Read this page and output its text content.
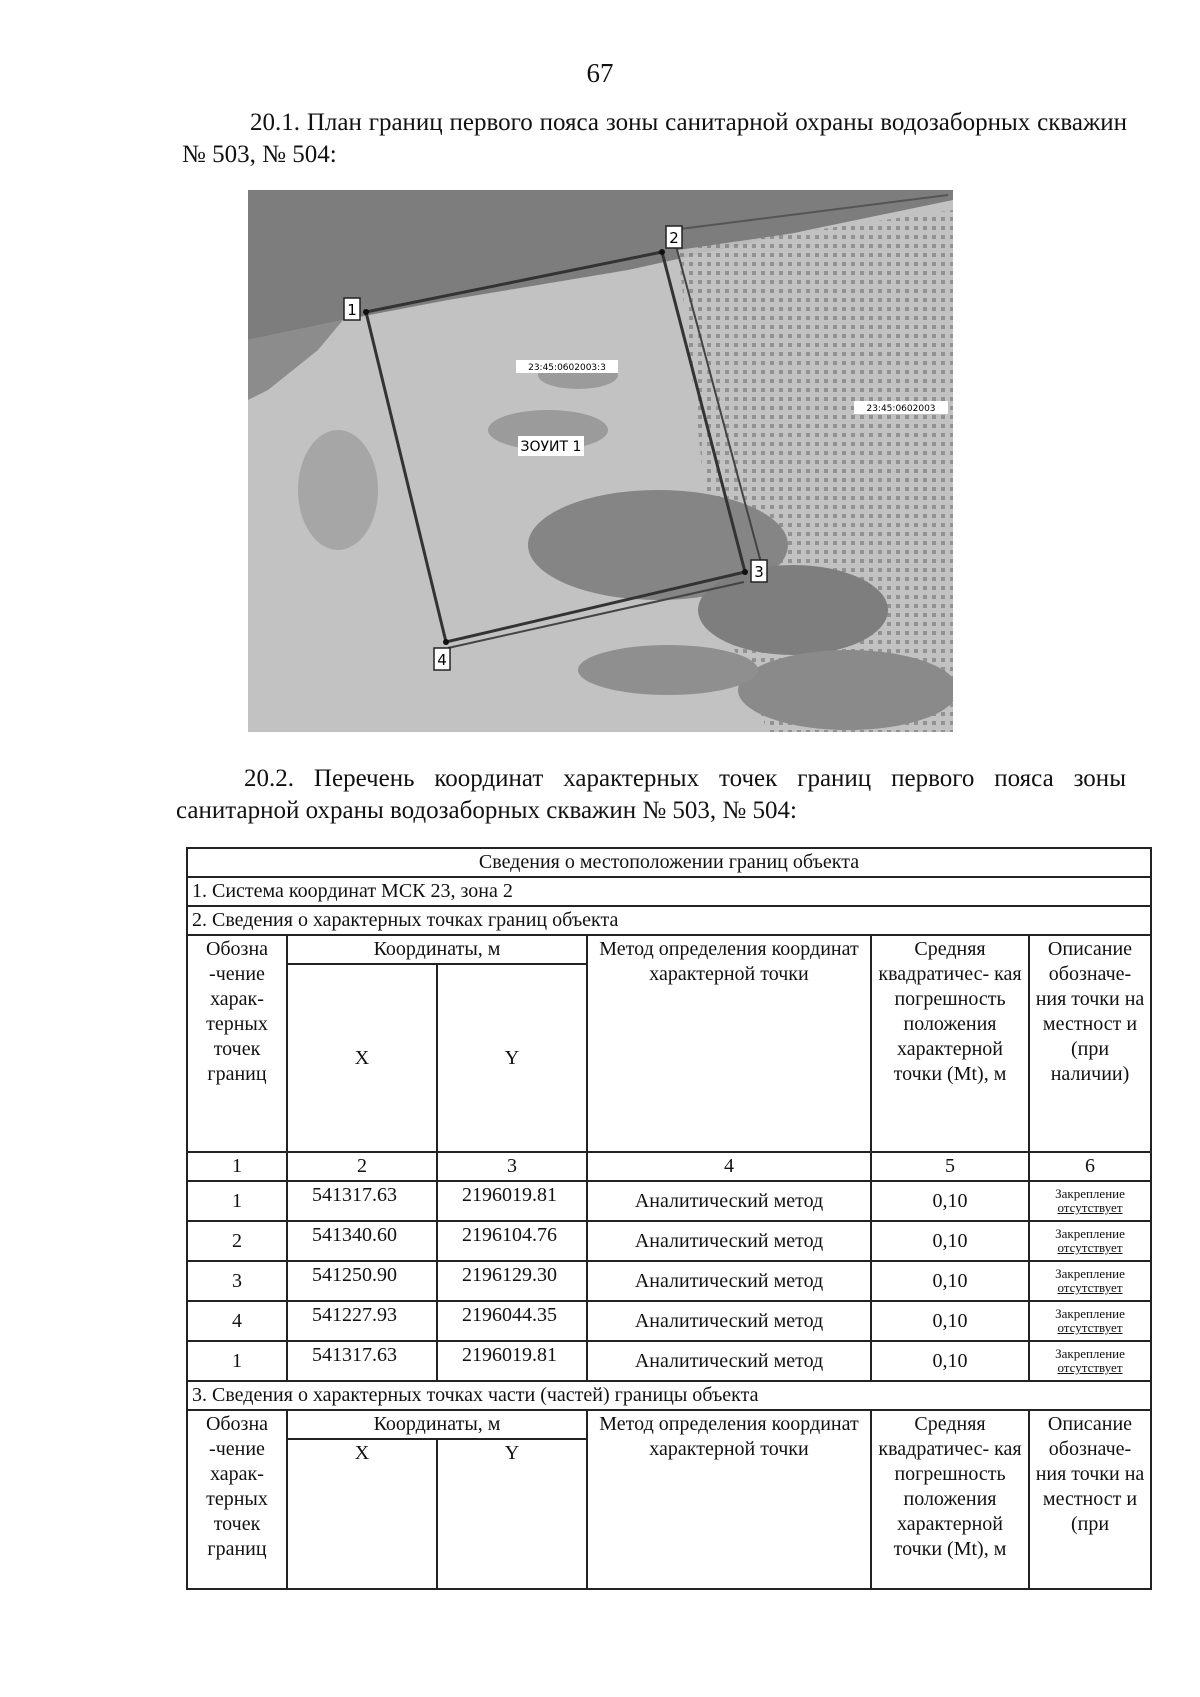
67
20.1. План границ первого пояса зоны санитарной охраны водозаборных скважин № 503, № 504:
1
2
3
4
23:45:0602003:3
23:45:0602003
ЗОУИТ 1
20.2. Перечень координат характерных точек границ первого пояса зоны санитарной охраны водозаборных скважин № 503, № 504:
Сведения о местоположении границ объекта					
1. Система координат МСК 23, зона 2					
2. Сведения о характерных точках границ объекта					
Обозна -чение харак- терных точек границ	Координаты, м		Метод определения координат характерной точки	Средняя квадратичес- кая погрешность положения характерной точки (Mt), м	Описание обозначе- ния точки на местност и (при наличии)
	X	Y			
1	2	3	4	5	6
1	541317.63	2196019.81	Аналитический метод	0,10	Закрепление
отсутствует
2	541340.60	2196104.76	Аналитический метод	0,10	Закрепление
отсутствует
3	541250.90	2196129.30	Аналитический метод	0,10	Закрепление
отсутствует
4	541227.93	2196044.35	Аналитический метод	0,10	Закрепление
отсутствует
1	541317.63	2196019.81	Аналитический метод	0,10	Закрепление
отсутствует
3. Сведения о характерных точках части (частей) границы объекта					
Обозна -чение харак- терных точек границ	Координаты, м		Метод определения координат характерной точки	Средняя квадратичес- кая погрешность положения характерной точки (Mt), м	Описание обозначе- ния точки на местност и (при
	X	Y			
